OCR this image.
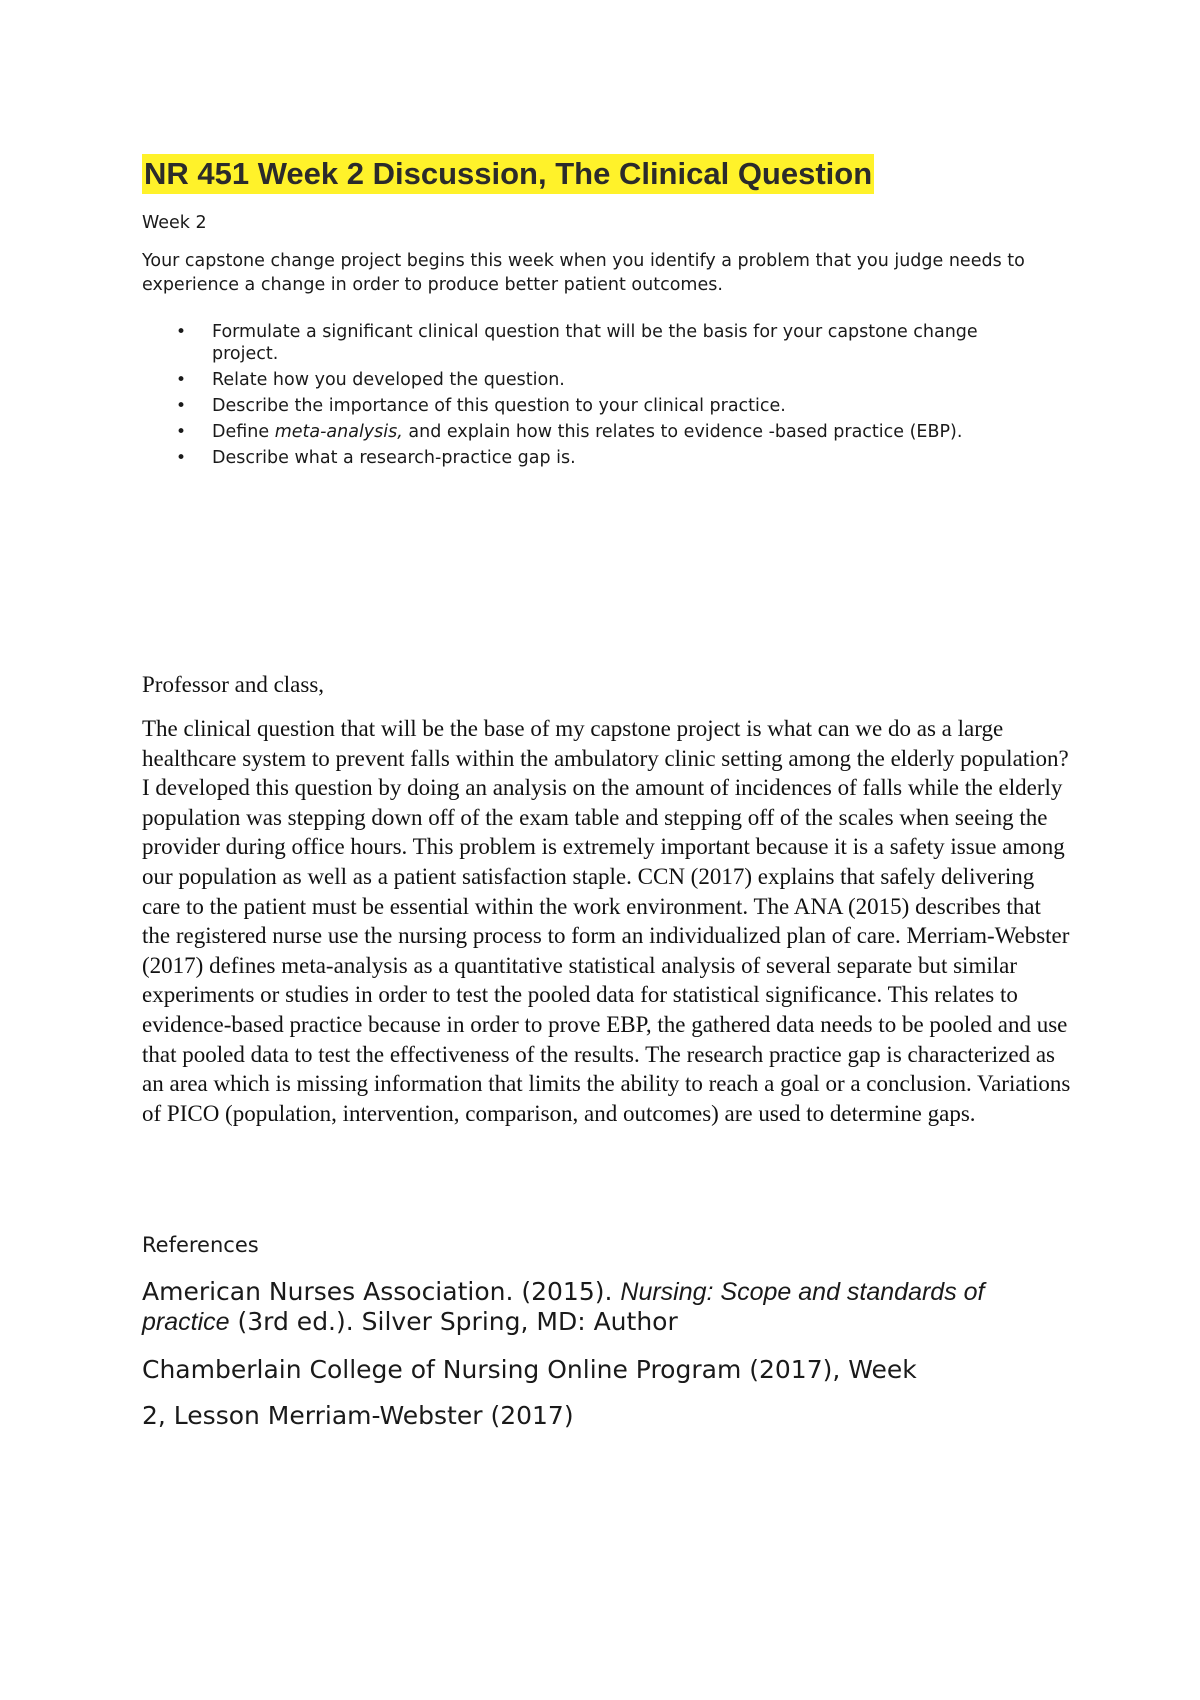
NR 451 Week 2 Discussion, The Clinical Question
Week 2
Your capstone change project begins this week when you identify a problem that you judge needs to experience a change in order to produce better patient outcomes.
• Formulate a significant clinical question that will be the basis for your capstone change project.
• Relate how you developed the question.
• Describe the importance of this question to your clinical practice.
• Define meta-analysis, and explain how this relates to evidence -based practice (EBP).
• Describe what a research-practice gap is.
Professor and class,
The clinical question that will be the base of my capstone project is what can we do as a large healthcare system to prevent falls within the ambulatory clinic setting among the elderly population? I developed this question by doing an analysis on the amount of incidences of falls while the elderly population was stepping down off of the exam table and stepping off of the scales when seeing the provider during office hours. This problem is extremely important because it is a safety issue among our population as well as a patient satisfaction staple. CCN (2017) explains that safely delivering care to the patient must be essential within the work environment. The ANA (2015) describes that the registered nurse use the nursing process to form an individualized plan of care. Merriam-Webster (2017) defines meta-analysis as a quantitative statistical analysis of several separate but similar experiments or studies in order to test the pooled data for statistical significance. This relates to evidence-based practice because in order to prove EBP, the gathered data needs to be pooled and use that pooled data to test the effectiveness of the results. The research practice gap is characterized as an area which is missing information that limits the ability to reach a goal or a conclusion. Variations of PICO (population, intervention, comparison, and outcomes) are used to determine gaps.
References
American Nurses Association. (2015). Nursing: Scope and standards of practice (3rd ed.). Silver Spring, MD: Author
Chamberlain College of Nursing Online Program (2017), Week
2, Lesson Merriam-Webster (2017)
